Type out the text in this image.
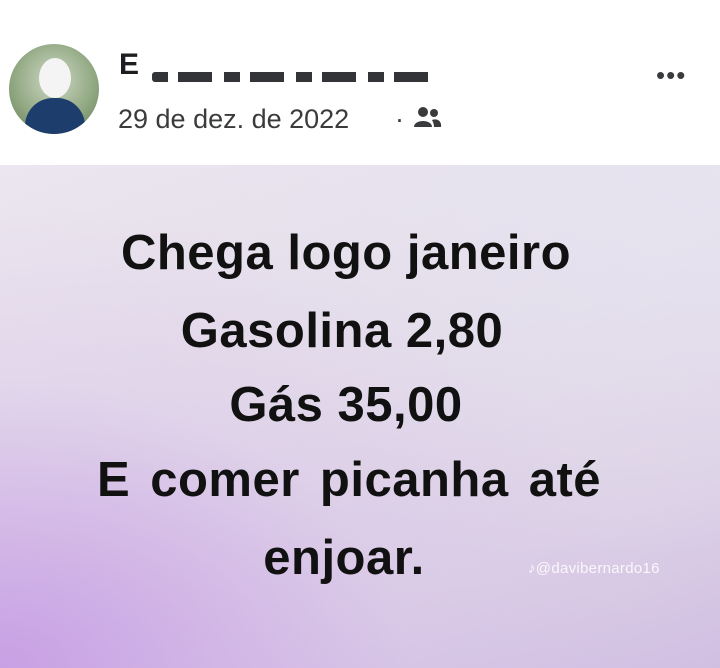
E
29 de dez. de 2022 ·
•••
Chega logo janeiro
Gasolina 2,80
Gás 35,00
E comer picanha até
enjoar.	♪@davibernardo16
